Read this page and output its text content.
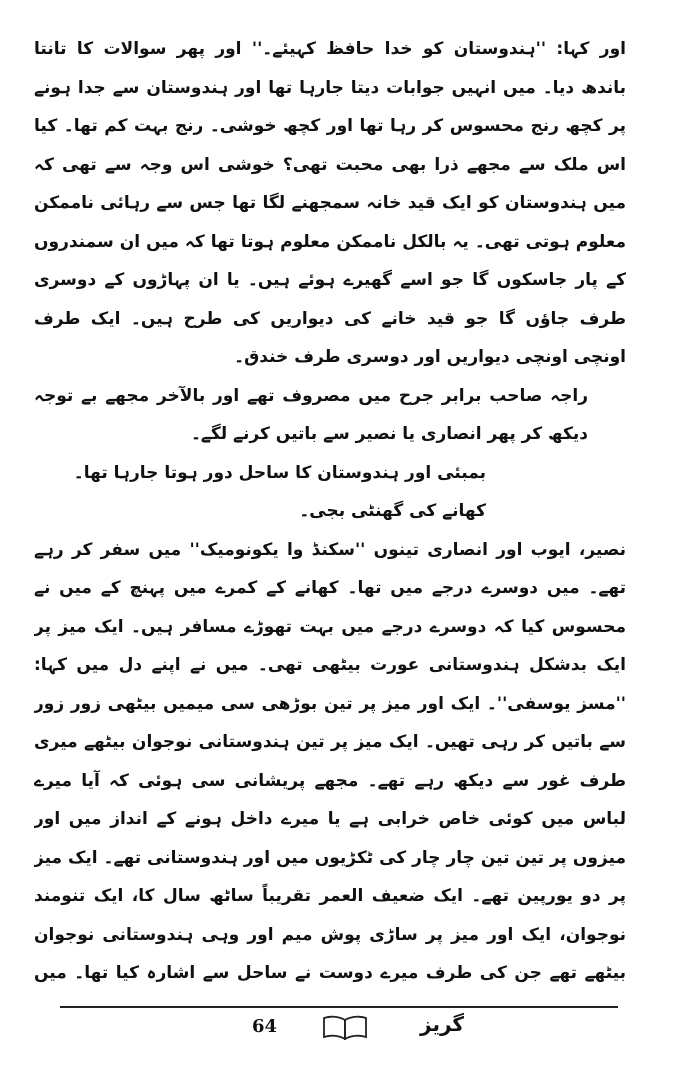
اور کہا: ''ہندوستان کو خدا حافظ کہیئے۔'' اور پھر سوالات کا تانتا باندھ دیا۔ میں انہیں جوابات دیتا جارہا تھا اور ہندوستان سے جدا ہونے پر کچھ رنج محسوس کر رہا تھا اور کچھ خوشی۔ رنج بہت کم تھا۔ کیا اس ملک سے مجھے ذرا بھی محبت تھی؟ خوشی اس وجہ سے تھی کہ میں ہندوستان کو ایک قید خانہ سمجھنے لگا تھا جس سے رہائی ناممکن معلوم ہوتی تھی۔ یہ بالکل ناممکن معلوم ہوتا تھا کہ میں ان سمندروں کے پار جاسکوں گا جو اسے گھیرے ہوئے ہیں۔ یا ان پہاڑوں کے دوسری طرف جاؤں گا جو قید خانے کی دیواریں کی طرح ہیں۔ ایک طرف اونچی اونچی دیواریں اور دوسری طرف خندق۔

راجہ صاحب برابر جرح میں مصروف تھے اور بالآخر مجھے بے توجہ دیکھ کر پھر انصاری یا نصیر سے باتیں کرنے لگے۔

بمبئی اور ہندوستان کا ساحل دور ہوتا جارہا تھا۔

کھانے کی گھنٹی بجی۔

نصیر، ایوب اور انصاری تینوں ''سکنڈ وا یکونومیک'' میں سفر کر رہے تھے۔ میں دوسرے درجے میں تھا۔ کھانے کے کمرے میں پہنچ کے میں نے محسوس کیا کہ دوسرے درجے میں بہت تھوڑے مسافر ہیں۔ ایک میز پر ایک بدشکل ہندوستانی عورت بیٹھی تھی۔ میں نے اپنے دل میں کہا: ''مسز یوسفی''۔ ایک اور میز پر تین بوڑھی سی میمیں بیٹھی زور زور سے باتیں کر رہی تھیں۔ ایک میز پر تین ہندوستانی نوجوان بیٹھے میری طرف غور سے دیکھ رہے تھے۔ مجھے پریشانی سی ہوئی کہ آیا میرے لباس میں کوئی خاص خرابی ہے یا میرے داخل ہونے کے انداز میں اور میزوں پر تین تین چار چار کی ٹکڑیوں میں اور ہندوستانی تھے۔ ایک میز پر دو یورپین تھے۔ ایک ضعیف العمر تقریباً ساٹھ سال کا، ایک تنومند نوجوان، ایک اور میز پر ساڑی پوش میم اور وہی ہندوستانی نوجوان بیٹھے تھے جن کی طرف میرے دوست نے ساحل سے اشارہ کیا تھا۔ میں

64	گریز
